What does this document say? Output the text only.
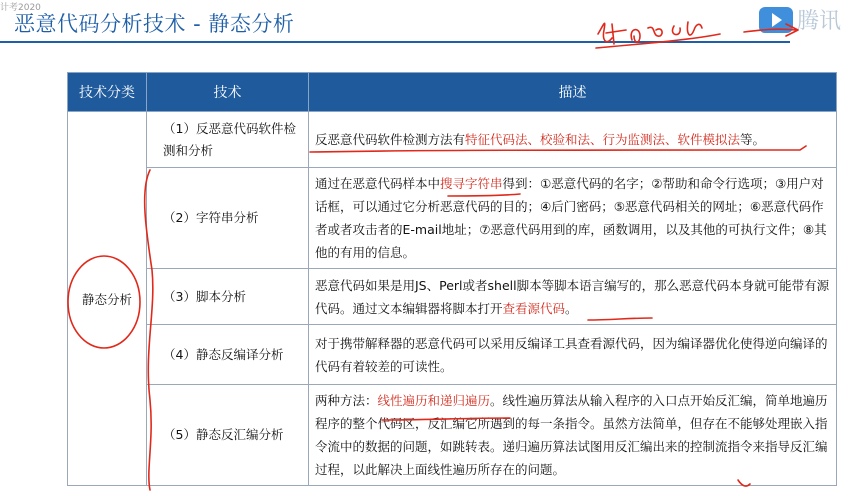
计考2020
恶意代码分析技术 - 静态分析	腾讯
技术分类	技术	描述
静态分析	（1）反恶意代码软件检测和分析	反恶意代码软件检测方法有特征代码法、校验和法、行为监测法、软件模拟法等。
	（2）字符串分析	通过在恶意代码样本中搜寻字符串得到：①恶意代码的名字；②帮助和命令行选项；③用户对话框，可以通过它分析恶意代码的目的；④后门密码；⑤恶意代码相关的网址；⑥恶意代码作者或者攻击者的E-mail地址；⑦恶意代码用到的库，函数调用，以及其他的可执行文件；⑧其他的有用的信息。
	（3）脚本分析	恶意代码如果是用JS、Perl或者shell脚本等脚本语言编写的，那么恶意代码本身就可能带有源代码。通过文本编辑器将脚本打开查看源代码。
	（4）静态反编译分析	对于携带解释器的恶意代码可以采用反编译工具查看源代码，因为编译器优化使得逆向编译的代码有着较差的可读性。
	（5）静态反汇编分析	两种方法：线性遍历和递归遍历。线性遍历算法从输入程序的入口点开始反汇编，简单地遍历程序的整个代码区，反汇编它所遇到的每一条指令。虽然方法简单，但存在不能够处理嵌入指令流中的数据的问题，如跳转表。递归遍历算法试图用反汇编出来的控制流指令来指导反汇编过程，以此解决上面线性遍历所存在的问题。
